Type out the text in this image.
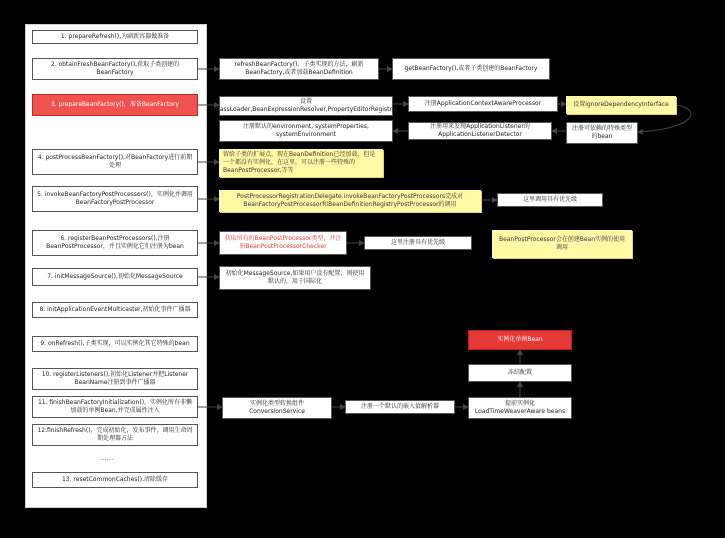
1. prepareRefresh(),为刷新容器做准备
2. obtainFreshBeanFactory(),获取子类创建的BeanFactory
3. prepareBeanFactory()，准备BeanFactory
4. postProcessBeanFactory(),对BeanFactory进行前期处理
5. invokeBeanFactoryPostProcessors()，实例化并调用BeanFactoryPostProcessor
6. registerBeanPostProcessors(),注册BeanPostProcessor，并且实例化它们注册为bean
7. initMessageSource(),初始化MessageSource
8. initApplicationEventMulticaster,初始化事件广播器
9. onRefresh(),子类实现，可以实例化其它特殊的bean
10. registerListeners(),初始化Listener并把Listener BeanName注册到事件广播器
11. finishBeanFactoryInitialization()，实例化所有非懒加载的单例Bean,并完成属性注入
12.finishRefresh()，完成初始化，发布事件，调用生命周期处理器方法
......
13. resetCommonCaches(),清除缓存
refreshBeanFactory()，子类实现的方法，刷新BeanFactory,或者加载BeanDefinition
getBeanFactory(),或者子类创建的BeanFactory
设置ClassLoader,BeanExpressionResolver,PropertyEditorRegistrar
注册ApplicationContextAwareProcessor	设置ignoreDependencyInterface
注册可依赖的特殊类型的bean
注册用来发现ApplicationListener的ApplicationListenerDetector
注册默认的environment, systemProperties, systemEnvironment
留给子类的扩展点，现在BeanDefinition已经加载，但是一个都没有实例化，在这里，可以注册一些特殊的BeanPostProcessor,等等
PostProcessorRegistrationDelegate.invokeBeanFactoryPostProcessors完成对BeanFactoryPostProcessor和BeanDefinitionRegistryPostProcessor的调用
这里调用具有优先级
获取所有的BeanPostProcessor类型，并注册BeanPostProcessorChecker
这里注册具有优先级	BeanPostProcessor会在创建Bean实例的使用调用
初始化MessageSource,如果用户没有配置，则使用默认的，用于国际化
实例化类型转换组件ConversionService
注册一个默认的嵌入值解析器	提前实例化LoadTimeWeaverAware beans
冻结配置
实例化单例Bean
